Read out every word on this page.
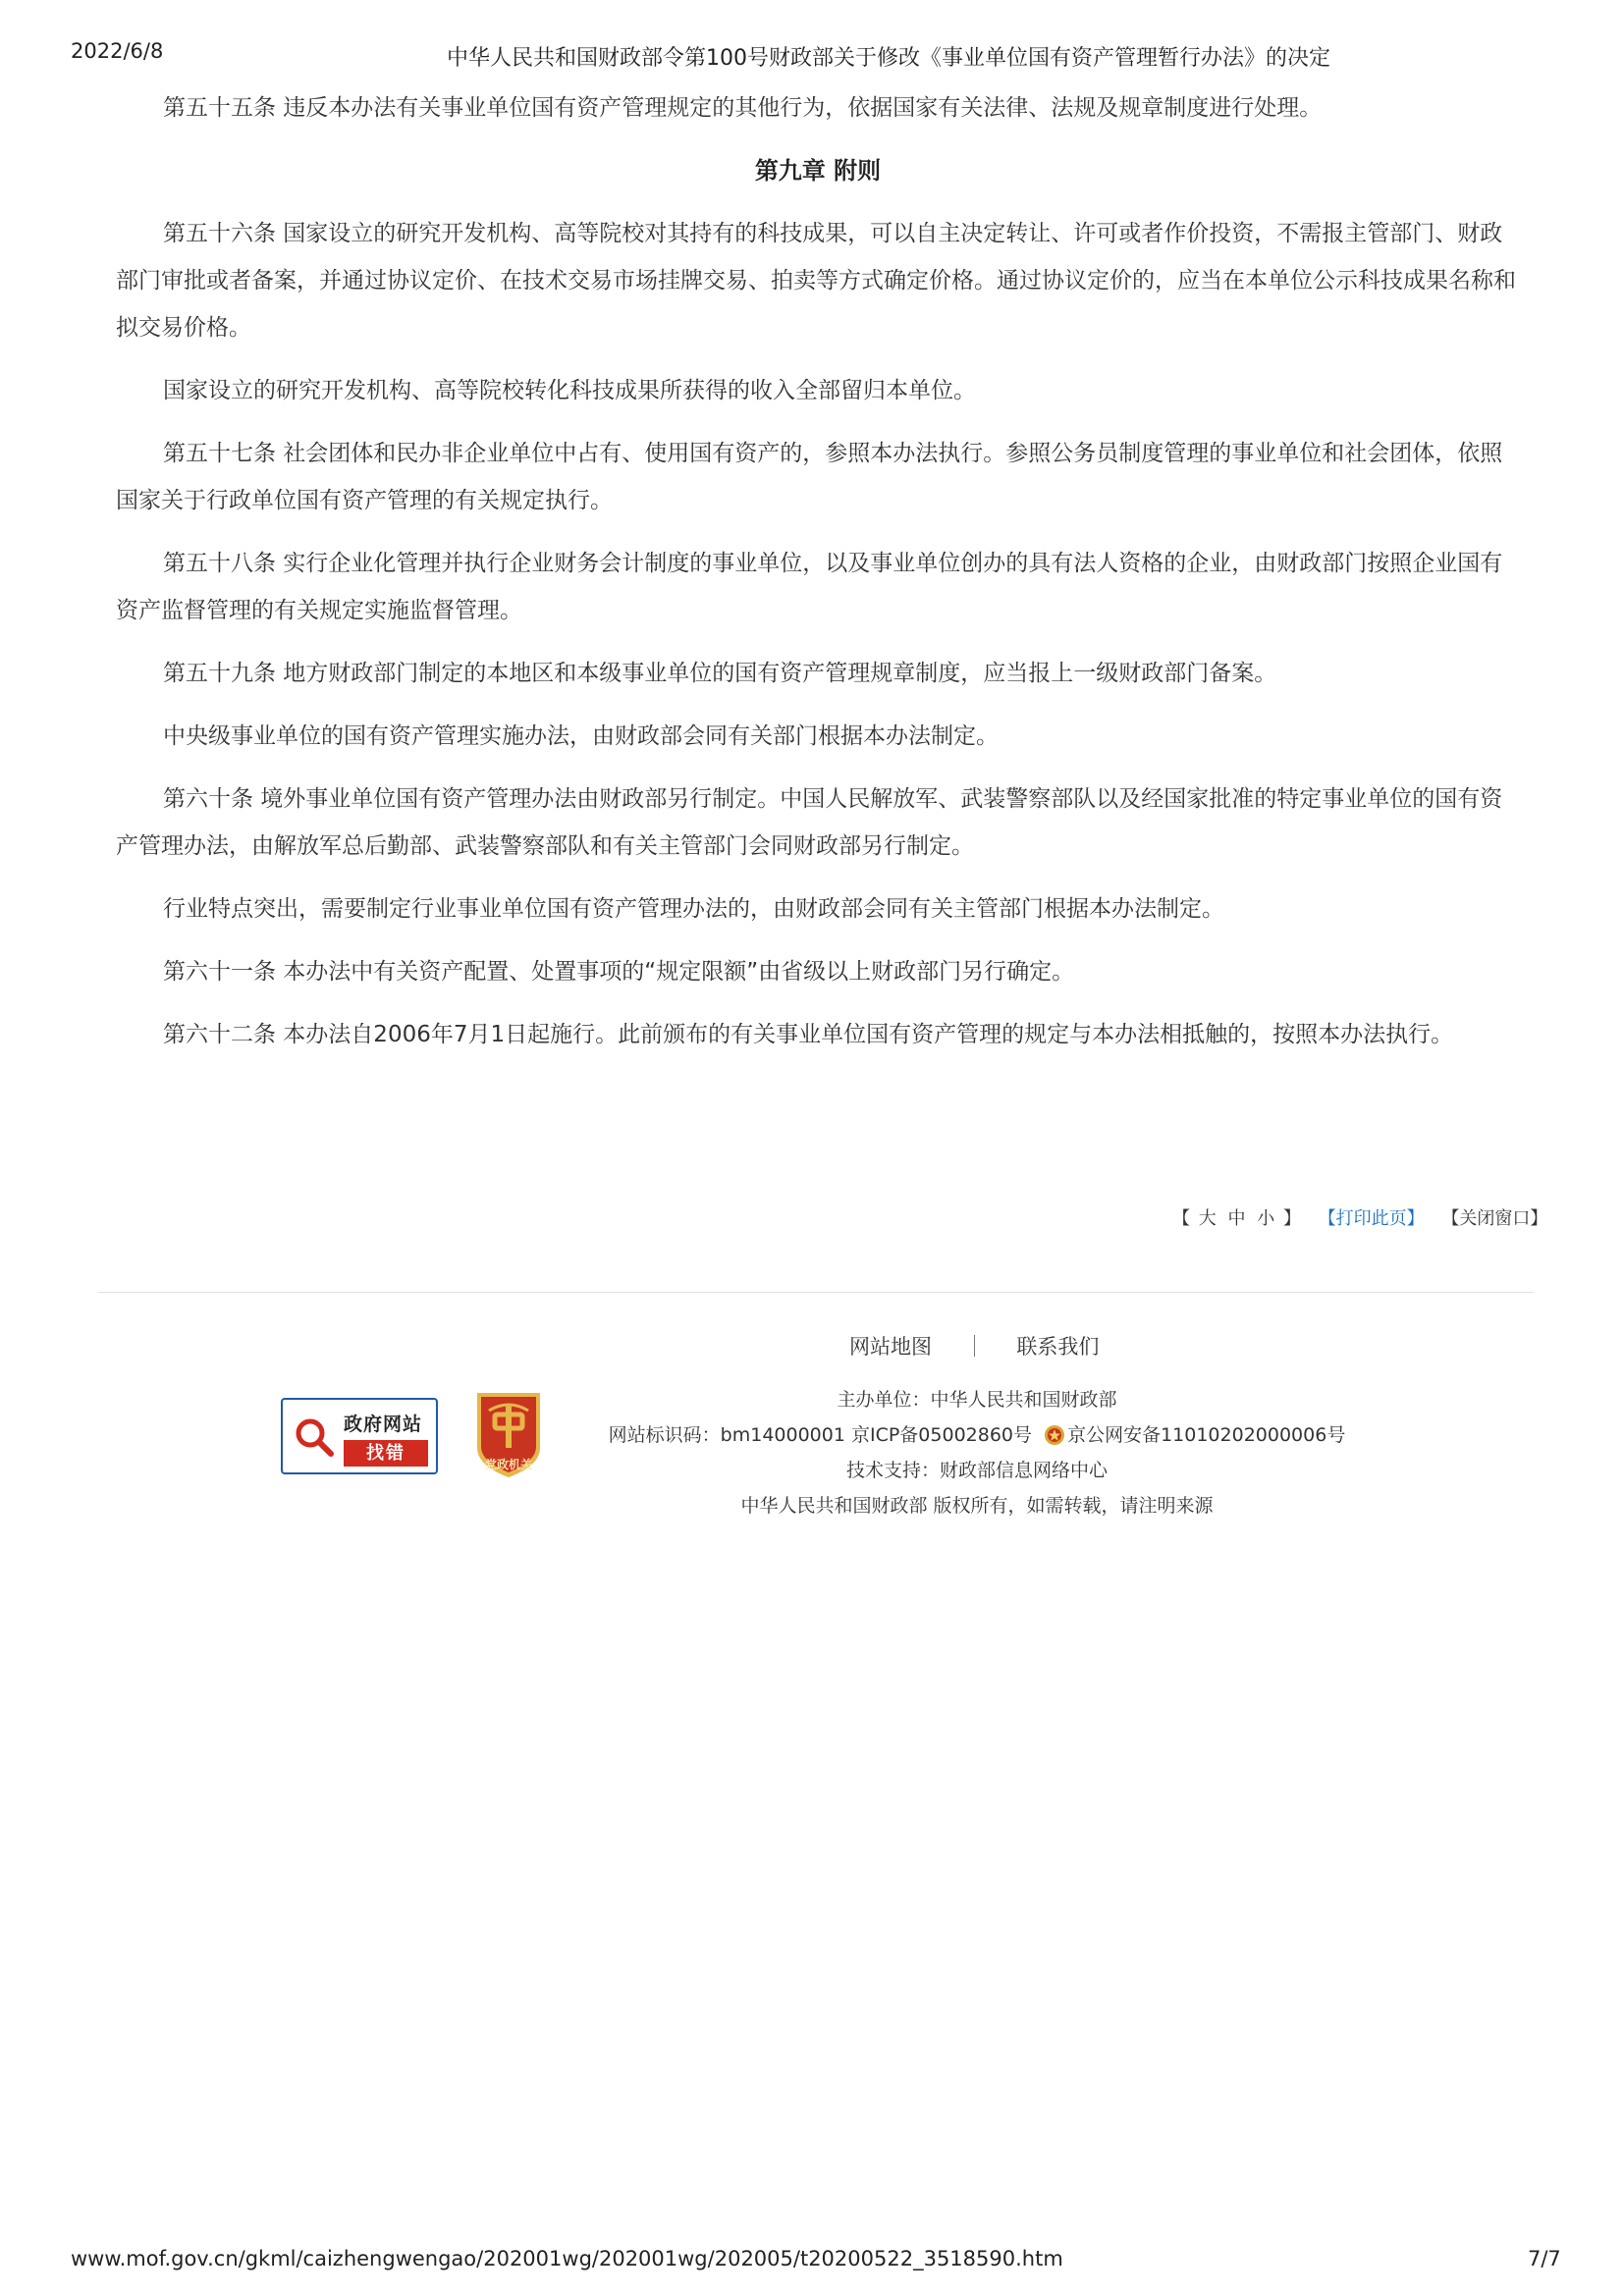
2022/6/8	中华人民共和国财政部令第100号财政部关于修改《事业单位国有资产管理暂行办法》的决定

第五十五条 违反本办法有关事业单位国有资产管理规定的其他行为，依据国家有关法律、法规及规章制度进行处理。

第九章 附则

第五十六条 国家设立的研究开发机构、高等院校对其持有的科技成果，可以自主决定转让、许可或者作价投资，不需报主管部门、财政部门审批或者备案，并通过协议定价、在技术交易市场挂牌交易、拍卖等方式确定价格。通过协议定价的，应当在本单位公示科技成果名称和拟交易价格。

国家设立的研究开发机构、高等院校转化科技成果所获得的收入全部留归本单位。

第五十七条 社会团体和民办非企业单位中占有、使用国有资产的，参照本办法执行。参照公务员制度管理的事业单位和社会团体，依照国家关于行政单位国有资产管理的有关规定执行。

第五十八条 实行企业化管理并执行企业财务会计制度的事业单位，以及事业单位创办的具有法人资格的企业，由财政部门按照企业国有资产监督管理的有关规定实施监督管理。

第五十九条 地方财政部门制定的本地区和本级事业单位的国有资产管理规章制度，应当报上一级财政部门备案。

中央级事业单位的国有资产管理实施办法，由财政部会同有关部门根据本办法制定。

第六十条 境外事业单位国有资产管理办法由财政部另行制定。中国人民解放军、武装警察部队以及经国家批准的特定事业单位的国有资产管理办法，由解放军总后勤部、武装警察部队和有关主管部门会同财政部另行制定。

行业特点突出，需要制定行业事业单位国有资产管理办法的，由财政部会同有关主管部门根据本办法制定。

第六十一条 本办法中有关资产配置、处置事项的“规定限额”由省级以上财政部门另行确定。

第六十二条 本办法自2006年7月1日起施行。此前颁布的有关事业单位国有资产管理的规定与本办法相抵触的，按照本办法执行。

【 大 中 小 】 【打印此页】 【关闭窗口】
网站地图	联系我们
政府网站
找错
党政机关
主办单位：中华人民共和国财政部
网站标识码：bm14000001 京ICP备05002860号 京公网安备11010202000006号
技术支持：财政部信息网络中心
中华人民共和国财政部 版权所有，如需转载，请注明来源
www.mof.gov.cn/gkml/caizhengwengao/202001wg/202001wg/202005/t20200522_3518590.htm	7/7
